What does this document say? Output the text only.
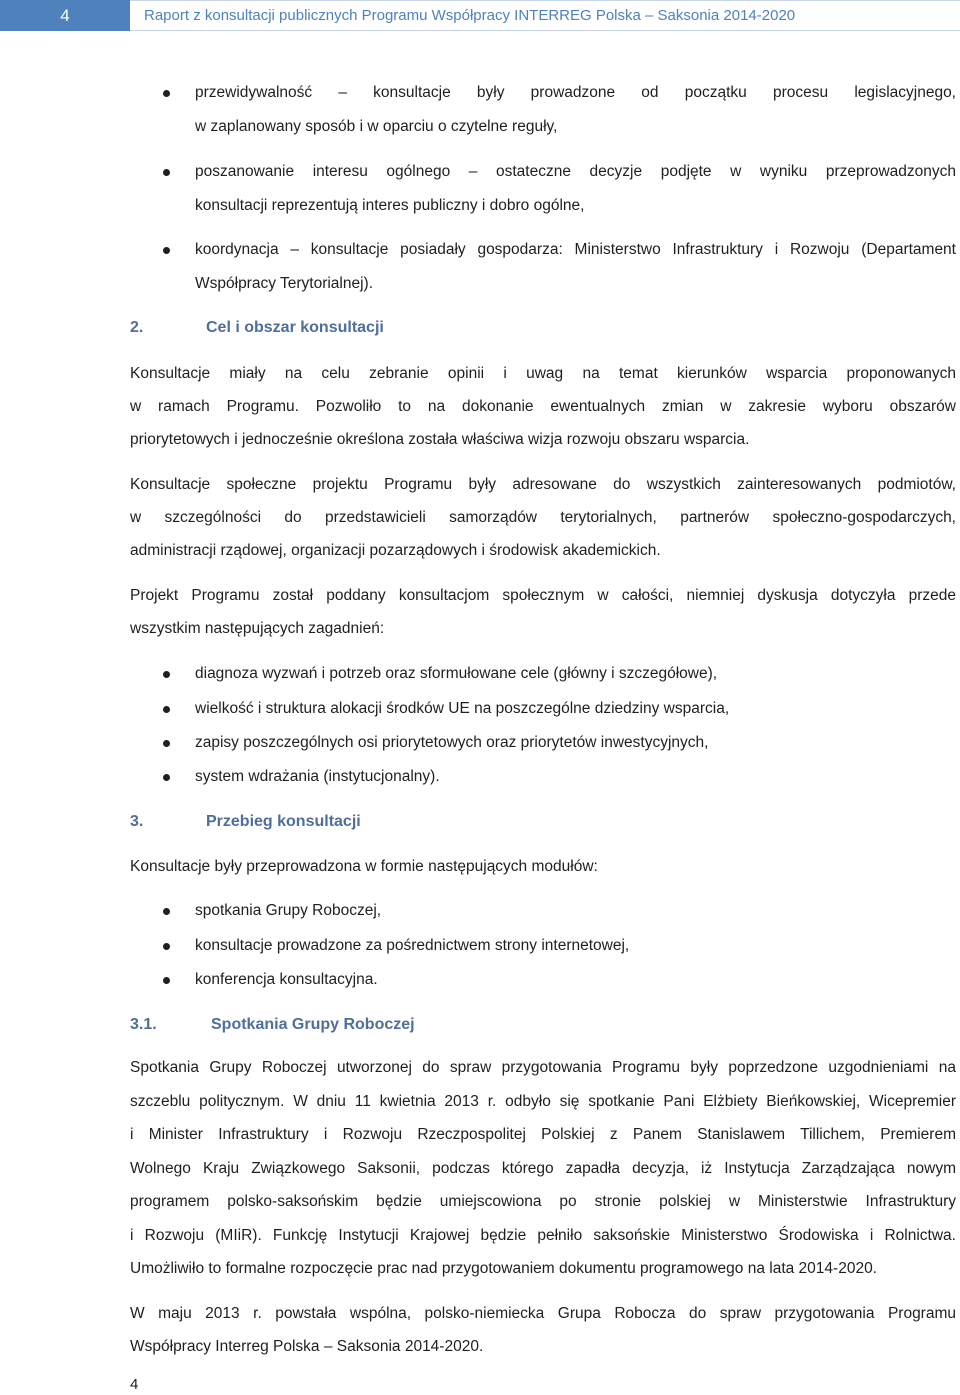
4	Raport z konsultacji publicznych Programu Współpracy INTERREG Polska – Saksonia 2014-2020
przewidywalność – konsultacje były prowadzone od początku procesu legislacyjnego,
w zaplanowany sposób i w oparciu o czytelne reguły,
poszanowanie interesu ogólnego – ostateczne decyzje podjęte w wyniku przeprowadzonych
konsultacji reprezentują interes publiczny i dobro ogólne,
koordynacja – konsultacje posiadały gospodarza: Ministerstwo Infrastruktury i Rozwoju (Departament
Współpracy Terytorialnej).
2.	Cel i obszar konsultacji
Konsultacje miały na celu zebranie opinii i uwag na temat kierunków wsparcia proponowanych
w ramach Programu. Pozwoliło to na dokonanie ewentualnych zmian w zakresie wyboru obszarów
priorytetowych i jednocześnie określona została właściwa wizja rozwoju obszaru wsparcia.
Konsultacje społeczne projektu Programu były adresowane do wszystkich zainteresowanych podmiotów,
w szczególności do przedstawicieli samorządów terytorialnych, partnerów społeczno-gospodarczych,
administracji rządowej, organizacji pozarządowych i środowisk akademickich.
Projekt Programu został poddany konsultacjom społecznym w całości, niemniej dyskusja dotyczyła przede
wszystkim następujących zagadnień:
diagnoza wyzwań i potrzeb oraz sformułowane cele (główny i szczegółowe),
wielkość i struktura alokacji środków UE na poszczególne dziedziny wsparcia,
zapisy poszczególnych osi priorytetowych oraz priorytetów inwestycyjnych,
system wdrażania (instytucjonalny).
3.	Przebieg konsultacji
Konsultacje były przeprowadzona w formie następujących modułów:
spotkania Grupy Roboczej,
konsultacje prowadzone za pośrednictwem strony internetowej,
konferencja konsultacyjna.
3.1.	Spotkania Grupy Roboczej
Spotkania Grupy Roboczej utworzonej do spraw przygotowania Programu były poprzedzone uzgodnieniami na
szczeblu politycznym. W dniu 11 kwietnia 2013 r. odbyło się spotkanie Pani Elżbiety Bieńkowskiej, Wicepremier
i Minister Infrastruktury i Rozwoju Rzeczpospolitej Polskiej z Panem Stanislawem Tillichem, Premierem
Wolnego Kraju Związkowego Saksonii, podczas którego zapadła decyzja, iż Instytucja Zarządzająca nowym
programem polsko-saksońskim będzie umiejscowiona po stronie polskiej w Ministerstwie Infrastruktury
i Rozwoju (MIiR). Funkcję Instytucji Krajowej będzie pełniło saksońskie Ministerstwo Środowiska i Rolnictwa.
Umożliwiło to formalne rozpoczęcie prac nad przygotowaniem dokumentu programowego na lata 2014-2020.
W maju 2013 r. powstała wspólna, polsko-niemiecka Grupa Robocza do spraw przygotowania Programu
Współpracy Interreg Polska – Saksonia 2014-2020.
4
